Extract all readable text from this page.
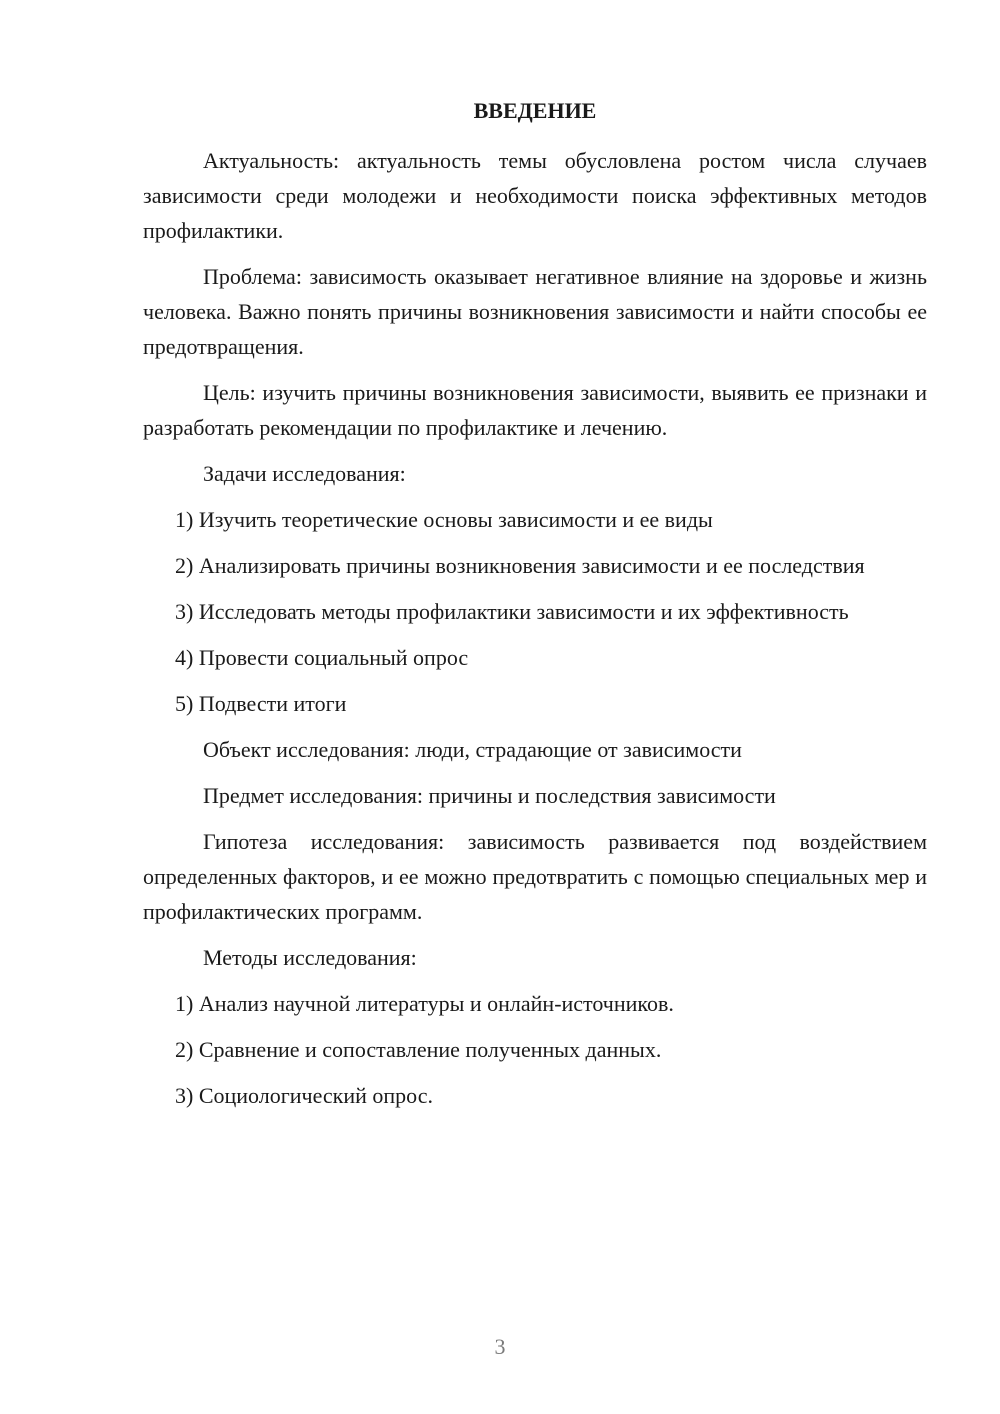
ВВЕДЕНИЕ

Актуальность: актуальность темы обусловлена ростом числа случаев зависимости среди молодежи и необходимости поиска эффективных методов профилактики.

Проблема: зависимость оказывает негативное влияние на здоровье и жизнь человека. Важно понять причины возникновения зависимости и найти способы ее предотвращения.

Цель: изучить причины возникновения зависимости, выявить ее признаки и разработать рекомендации по профилактике и лечению.

Задачи исследования:

1) Изучить теоретические основы зависимости и ее виды

2) Анализировать причины возникновения зависимости и ее последствия

3) Исследовать методы профилактики зависимости и их эффективность

4) Провести социальный опрос

5) Подвести итоги

Объект исследования: люди, страдающие от зависимости

Предмет исследования: причины и последствия зависимости

Гипотеза исследования: зависимость развивается под воздействием определенных факторов, и ее можно предотвратить с помощью специальных мер и профилактических программ.

Методы исследования:

1) Анализ научной литературы и онлайн-источников.

2) Сравнение и сопоставление полученных данных.

3) Социологический опрос.

3
